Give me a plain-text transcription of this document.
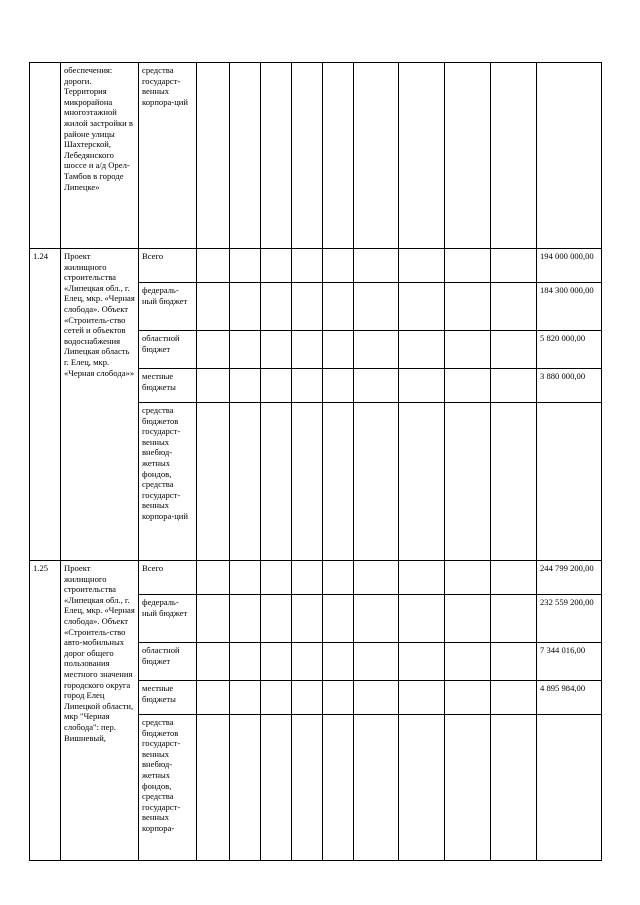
	обеспечения: дороги. Территория микрорайона многоэтажной жилой застройки в районе улицы Шахтерской, Лебедянского шоссе и а/д Орел-Тамбов в городе Липецке»	средства государст-венных корпора-ций										
1.24	Проект жилищного строительства «Липецкая обл., г. Елец, мкр. «Черная слобода». Объект «Строитель-ство сетей и объектов водоснабжения Липецкая область г. Елец, мкр. «Черная слобода»»	Всего										194 000 000,00
		федераль-ный бюджет										184 300 000,00
		областной бюджет										5 820 000,00
		местные бюджеты										3 880 000,00
		средства бюджетов государст-венных внебюд-жетных фондов, средства государст-венных корпора-ций										
1.25	Проект жилищного строительства «Липецкая обл., г. Елец, мкр. «Черная слобода». Объект «Строитель-ство авто-мобильных дорог общего пользования местного значения городского округа город Елец Липецкой области, мкр "Черная слобода": пер. Вишневый,	Всего										244 799 200,00
		федераль-ный бюджет										232 559 200,00
		областной бюджет										7 344 016,00
		местные бюджеты										4 895 984,00
		средства бюджетов государст-венных внебюд-жетных фондов, средства государст-венных корпора-										
